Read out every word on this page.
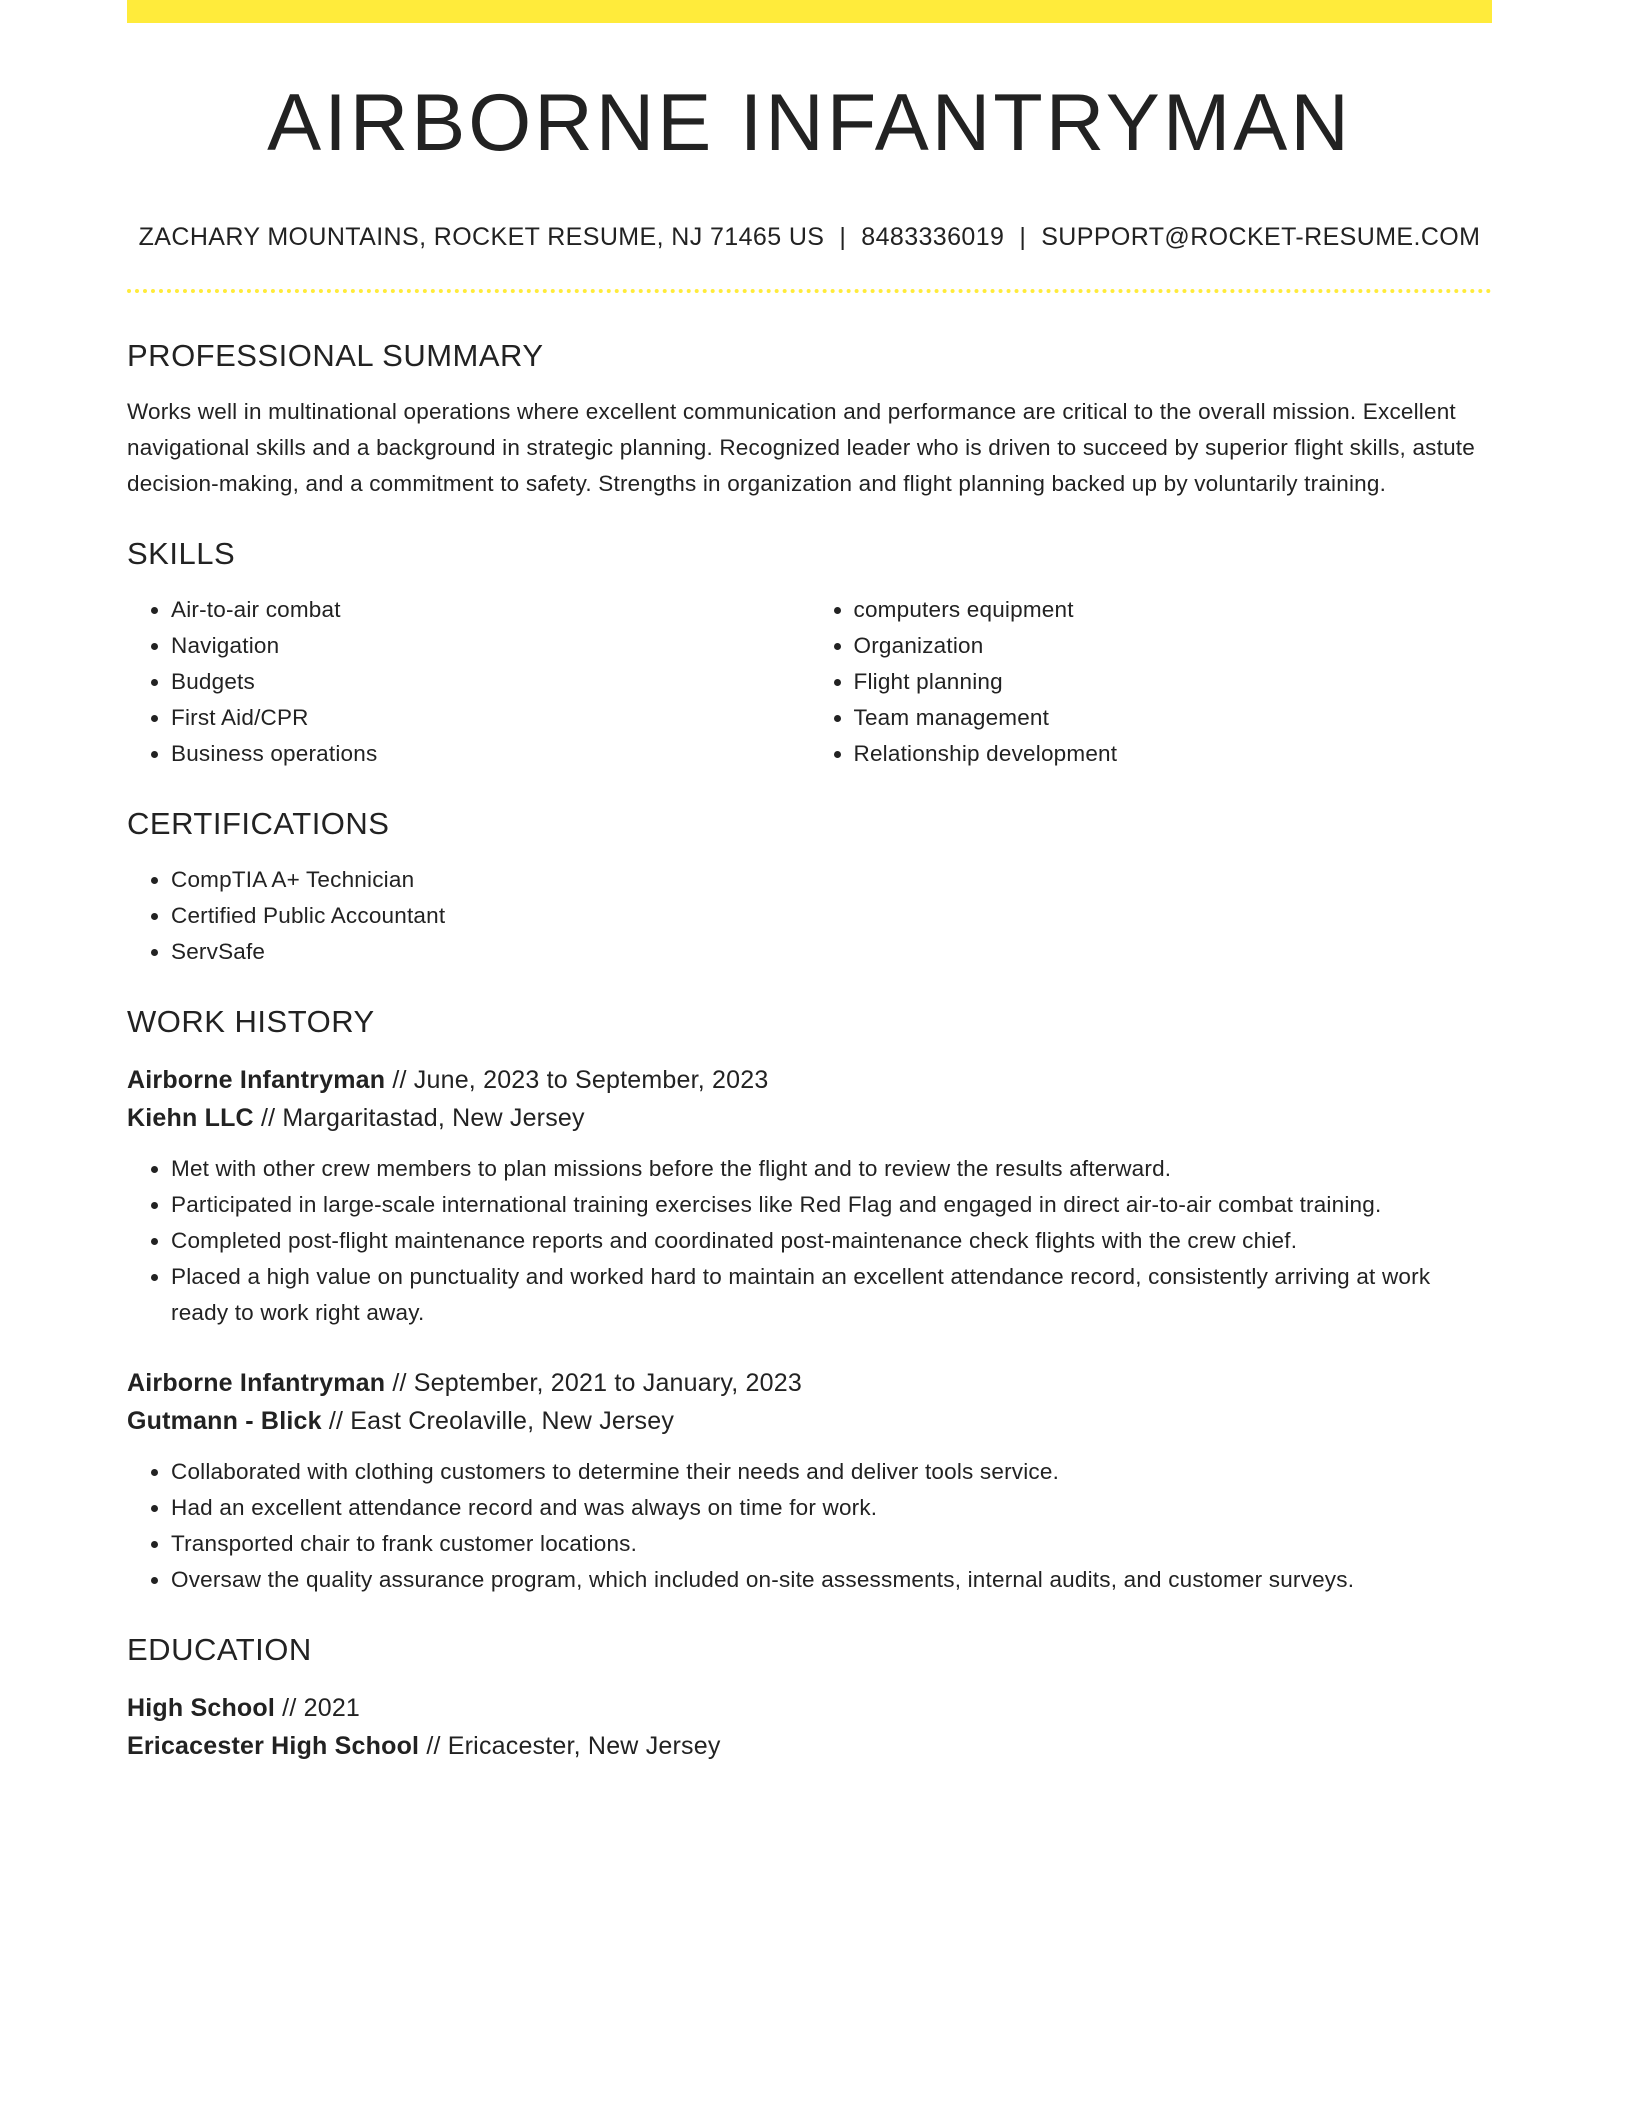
AIRBORNE INFANTRYMAN
ZACHARY MOUNTAINS, ROCKET RESUME, NJ 71465 US | 8483336019 | SUPPORT@ROCKET-RESUME.COM
PROFESSIONAL SUMMARY

Works well in multinational operations where excellent communication and performance are critical to the overall mission. Excellent navigational skills and a background in strategic planning. Recognized leader who is driven to succeed by superior flight skills, astute decision-making, and a commitment to safety. Strengths in organization and flight planning backed up by voluntarily training.

SKILLS
• Air-to-air combat
• Navigation
• Budgets
• First Aid/CPR
• Business operations
• computers equipment
• Organization
• Flight planning
• Team management
• Relationship development
CERTIFICATIONS
• CompTIA A+ Technician
• Certified Public Accountant
• ServSafe
WORK HISTORY
Airborne Infantryman // June, 2023 to September, 2023
Kiehn LLC // Margaritastad, New Jersey
• Met with other crew members to plan missions before the flight and to review the results afterward.
• Participated in large-scale international training exercises like Red Flag and engaged in direct air-to-air combat training.
• Completed post-flight maintenance reports and coordinated post-maintenance check flights with the crew chief.
• Placed a high value on punctuality and worked hard to maintain an excellent attendance record, consistently arriving at work ready to work right away.
Airborne Infantryman // September, 2021 to January, 2023
Gutmann - Blick // East Creolaville, New Jersey
• Collaborated with clothing customers to determine their needs and deliver tools service.
• Had an excellent attendance record and was always on time for work.
• Transported chair to frank customer locations.
• Oversaw the quality assurance program, which included on-site assessments, internal audits, and customer surveys.
EDUCATION
High School // 2021
Ericacester High School // Ericacester, New Jersey
